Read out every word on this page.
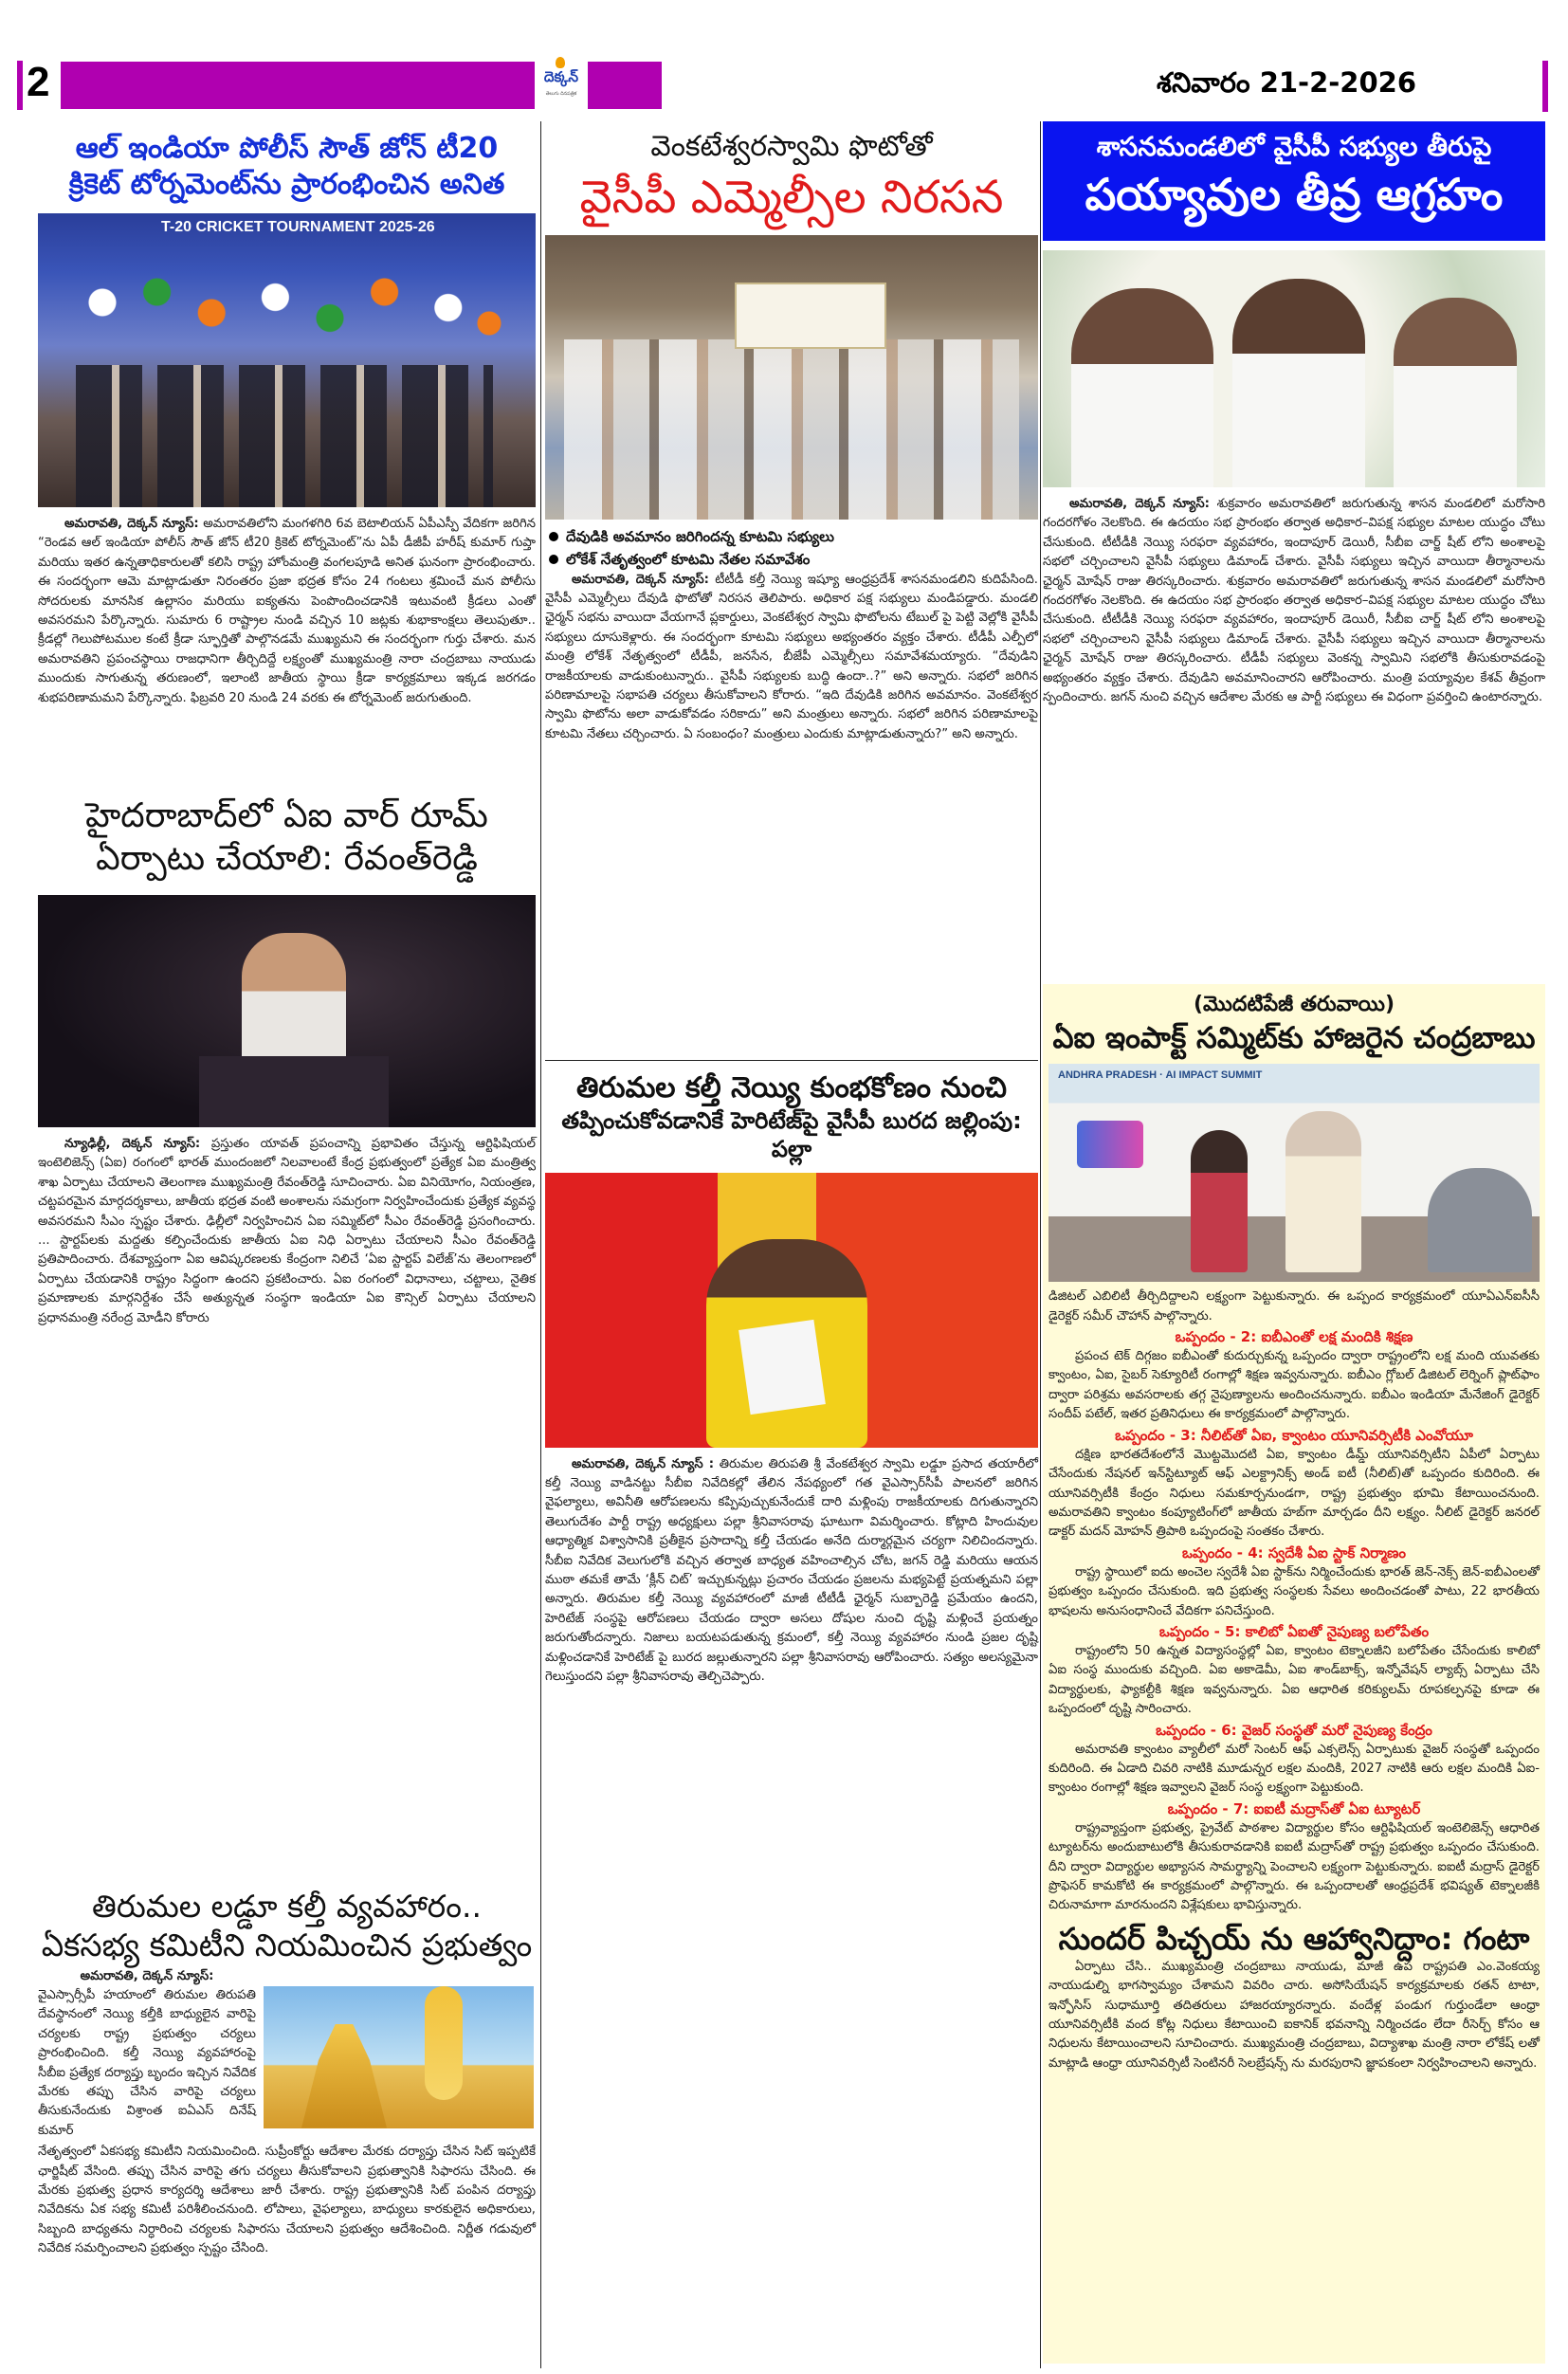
2	దెక్కన్
తెలుగు దినపత్రిక	శనివారం 21-2-2026
ఆల్ ఇండియా పోలీస్ సౌత్ జోన్ టీ20
క్రికెట్ టోర్నమెంట్‌ను ప్రారంభించిన అనిత
T-20 CRICKET TOURNAMENT 2025-26
అమరావతి, దెక్కన్ న్యూస్: అమరావతిలోని మంగళగిరి 6వ బెటాలియన్ ఏపీఎస్పీ వేదికగా జరిగిన “రెండవ ఆల్ ఇండియా పోలీస్ సౌత్ జోన్ టీ20 క్రికెట్ టోర్నమెంట్”ను ఏపీ డీజీపీ హరీష్ కుమార్ గుప్తా మరియు ఇతర ఉన్నతాధికారులతో కలిసి రాష్ట్ర హోంమంత్రి వంగలపూడి అనిత ఘనంగా ప్రారంభించారు. ఈ సందర్భంగా ఆమె మాట్లాడుతూ నిరంతరం ప్రజా భద్రత కోసం 24 గంటలు శ్రమించే మన పోలీసు సోదరులకు మానసిక ఉల్లాసం మరియు ఐక్యతను పెంపొందించడానికి ఇటువంటి క్రీడలు ఎంతో అవసరమని పేర్కొన్నారు. సుమారు 6 రాష్ట్రాల నుండి వచ్చిన 10 జట్లకు శుభాకాంక్షలు తెలుపుతూ.. క్రీడల్లో గెలుపోటముల కంటే క్రీడా స్ఫూర్తితో పాల్గొనడమే ముఖ్యమని ఈ సందర్భంగా గుర్తు చేశారు. మన అమరావతిని ప్రపంచస్థాయి రాజధానిగా తీర్చిదిద్దే లక్ష్యంతో ముఖ్యమంత్రి నారా చంద్రబాబు నాయుడు ముందుకు సాగుతున్న తరుణంలో, ఇలాంటి జాతీయ స్థాయి క్రీడా కార్యక్రమాలు ఇక్కడ జరగడం శుభపరిణామమని పేర్కొన్నారు. ఫిబ్రవరి 20 నుండి 24 వరకు ఈ టోర్నమెంట్ జరుగుతుంది.
హైదరాబాద్‌లో ఏఐ వార్ రూమ్
ఏర్పాటు చేయాలి: రేవంత్‌రెడ్డి
న్యూఢిల్లీ, దెక్కన్ న్యూస్: ప్రస్తుతం యావత్ ప్రపంచాన్ని ప్రభావితం చేస్తున్న ఆర్టిఫిషియల్ ఇంటెలిజెన్స్ (ఏఐ) రంగంలో భారత్ ముందంజలో నిలవాలంటే కేంద్ర ప్రభుత్వంలో ప్రత్యేక ఏఐ మంత్రిత్వ శాఖ ఏర్పాటు చేయాలని తెలంగాణ ముఖ్యమంత్రి రేవంత్‌రెడ్డి సూచించారు. ఏఐ వినియోగం, నియంత్రణ, చట్టపరమైన మార్గదర్శకాలు, జాతీయ భద్రత వంటి అంశాలను సమగ్రంగా నిర్వహించేందుకు ప్రత్యేక వ్యవస్థ అవసరమని సీఎం స్పష్టం చేశారు. ఢిల్లీలో నిర్వహించిన ఏఐ సమ్మిట్‌లో సీఎం రేవంత్‌రెడ్డి ప్రసంగించారు. ... స్టార్టప్‌లకు మద్దతు కల్పించేందుకు జాతీయ ఏఐ నిధి ఏర్పాటు చేయాలని సీఎం రేవంత్‌రెడ్డి ప్రతిపాదించారు. దేశవ్యాప్తంగా ఏఐ ఆవిష్కరణలకు కేంద్రంగా నిలిచే ‘ఏఐ స్టార్టప్ విలేజ్’ను తెలంగాణలో ఏర్పాటు చేయడానికి రాష్ట్రం సిద్ధంగా ఉందని ప్రకటించారు. ఏఐ రంగంలో విధానాలు, చట్టాలు, నైతిక ప్రమాణాలకు మార్గనిర్దేశం చేసే అత్యున్నత సంస్థగా ఇండియా ఏఐ కౌన్సిల్ ఏర్పాటు చేయాలని ప్రధానమంత్రి నరేంద్ర మోడీని కోరారు
తిరుమల లడ్డూ కల్తీ వ్యవహారం..
ఏకసభ్య కమిటీని నియమించిన ప్రభుత్వం
అమరావతి, దెక్కన్ న్యూస్:
వైఎస్సార్సీపీ హయాంలో తిరుమల తిరుపతి దేవస్థానంలో నెయ్యి కల్తీకి బాధ్యులైన వారిపై చర్యలకు రాష్ట్ర ప్రభుత్వం చర్యలు ప్రారంభించింది. కల్తీ నెయ్యి వ్యవహారంపై సీబీఐ ప్రత్యేక దర్యాప్తు బృందం ఇచ్చిన నివేదిక మేరకు తప్పు చేసిన వారిపై చర్యలు తీసుకునేందుకు విశ్రాంత ఐఏఎస్ దినేష్ కుమార్
నేతృత్వంలో ఏకసభ్య కమిటీని నియమించింది. సుప్రీంకోర్టు ఆదేశాల మేరకు దర్యాప్తు చేసిన సిట్ ఇప్పటికే ఛార్జిషీట్ వేసింది. తప్పు చేసిన వారిపై తగు చర్యలు తీసుకోవాలని ప్రభుత్వానికి సిఫారసు చేసింది. ఈ మేరకు ప్రభుత్వ ప్రధాన కార్యదర్శి ఆదేశాలు జారీ చేశారు. రాష్ట్ర ప్రభుత్వానికి సిట్ పంపిన దర్యాప్తు నివేదికను ఏక సభ్య కమిటీ పరిశీలించనుంది. లోపాలు, వైఫల్యాలు, బాధ్యులు కారకులైన అధికారులు, సిబ్బంది బాధ్యతను నిర్ధారించి చర్యలకు సిఫారసు చేయాలని ప్రభుత్వం ఆదేశించింది. నిర్ణీత గడువులో నివేదిక సమర్పించాలని ప్రభుత్వం స్పష్టం చేసింది.
వెంకటేశ్వరస్వామి ఫొటోతో
వైసీపీ ఎమ్మెల్సీల నిరసన
దేవుడికి అవమానం జరిగిందన్న కూటమి సభ్యులు
లోకేశ్ నేతృత్వంలో కూటమి నేతల సమావేశం
అమరావతి, దెక్కన్ న్యూస్: టీటీడీ కల్తీ నెయ్యి ఇష్యూ ఆంధ్రప్రదేశ్ శాసనమండలిని కుదిపేసింది. వైసీపీ ఎమ్మెల్సీలు దేవుడి ఫొటోతో నిరసన తెలిపారు. అధికార పక్ష సభ్యులు మండిపడ్డారు. మండలి ఛైర్మన్ సభను వాయిదా వేయగానే ప్లకార్డులు, వెంకటేశ్వర స్వామి ఫొటోలను టేబుల్ పై పెట్టి వెల్లోకి వైసీపీ సభ్యులు దూసుకెళ్లారు. ఈ సందర్భంగా కూటమి సభ్యులు అభ్యంతరం వ్యక్తం చేశారు. టీడీపీ ఎల్పీలో మంత్రి లోకేశ్ నేతృత్వంలో టీడీపీ, జనసేన, బీజేపీ ఎమ్మెల్సీలు సమావేశమయ్యారు. “దేవుడిని రాజకీయాలకు వాడుకుంటున్నారు.. వైసీపీ సభ్యులకు బుద్ధి ఉందా..?” అని అన్నారు. సభలో జరిగిన పరిణామాలపై సభాపతి చర్యలు తీసుకోవాలని కోరారు. “ఇది దేవుడికి జరిగిన అవమానం. వెంకటేశ్వర స్వామి ఫొటోను అలా వాడుకోవడం సరికాదు” అని మంత్రులు అన్నారు. సభలో జరిగిన పరిణామాలపై కూటమి నేతలు చర్చించారు. ఏ సంబంధం? మంత్రులు ఎందుకు మాట్లాడుతున్నారు?” అని అన్నారు.
తిరుమల కల్తీ నెయ్యి కుంభకోణం నుంచి
తప్పించుకోవడానికే హెరిటేజ్‌పై వైసీపీ బురద జల్లింపు: పల్లా
అమరావతి, దెక్కన్ న్యూస్ : తిరుమల తిరుపతి శ్రీ వేంకటేశ్వర స్వామి లడ్డూ ప్రసాద తయారీలో కల్తీ నెయ్యి వాడినట్టు సీబీఐ నివేదికల్లో తేలిన నేపథ్యంలో గత వైఎస్సార్‌సీపీ పాలనలో జరిగిన వైఫల్యాలు, అవినీతి ఆరోపణలను కప్పిపుచ్చుకునేందుకే దారి మళ్లింపు రాజకీయాలకు దిగుతున్నారని తెలుగుదేశం పార్టీ రాష్ట్ర అధ్యక్షులు పల్లా శ్రీనివాసరావు ఘాటుగా విమర్శించారు. కోట్లాది హిందువుల ఆధ్యాత్మిక విశ్వాసానికి ప్రతీకైన ప్రసాదాన్ని కల్తీ చేయడం అనేది దుర్మార్గమైన చర్యగా నిలిచిందన్నారు. సీబీఐ నివేదిక వెలుగులోకి వచ్చిన తర్వాత బాధ్యత వహించాల్సిన చోట, జగన్ రెడ్డి మరియు ఆయన ముఠా తమకే తామే ‘క్లీన్ చిట్’ ఇచ్చుకున్నట్లు ప్రచారం చేయడం ప్రజలను మభ్యపెట్టే ప్రయత్నమని పల్లా అన్నారు. తిరుమల కల్తీ నెయ్యి వ్యవహారంలో మాజీ టీటీడీ ఛైర్మన్ సుబ్బారెడ్డి ప్రమేయం ఉందని, హెరిటేజ్ సంస్థపై ఆరోపణలు చేయడం ద్వారా అసలు దోషుల నుంచి దృష్టి మళ్లించే ప్రయత్నం జరుగుతోందన్నారు. నిజాలు బయటపడుతున్న క్రమంలో, కల్తీ నెయ్యి వ్యవహారం నుండి ప్రజల దృష్టి మళ్లించడానికే హెరిటేజ్ పై బురద జల్లుతున్నారని పల్లా శ్రీనివాసరావు ఆరోపించారు. సత్యం అలస్యమైనా గెలుస్తుందని పల్లా శ్రీనివాసరావు తెల్చిచెప్పారు.
శాసనమండలిలో వైసీపీ సభ్యుల తీరుపై
పయ్యావుల తీవ్ర ఆగ్రహం
అమరావతి, దెక్కన్ న్యూస్: శుక్రవారం అమరావతిలో జరుగుతున్న శాసన మండలిలో మరోసారి గందరగోళం నెలకొంది. ఈ ఉదయం సభ ప్రారంభం తర్వాత అధికార–విపక్ష సభ్యుల మాటల యుద్ధం చోటు చేసుకుంది. టీటీడీకి నెయ్యి సరఫరా వ్యవహారం, ఇందాపూర్ డెయిరీ, సీబీఐ చార్జ్ షీట్ లోని అంశాలపై సభలో చర్చించాలని వైసీపీ సభ్యులు డిమాండ్ చేశారు. వైసీపీ సభ్యులు ఇచ్చిన వాయిదా తీర్మానాలను ఛైర్మన్ మోషేన్ రాజు తిరస్కరించారు. శుక్రవారం అమరావతిలో జరుగుతున్న శాసన మండలిలో మరోసారి గందరగోళం నెలకొంది. ఈ ఉదయం సభ ప్రారంభం తర్వాత అధికార–విపక్ష సభ్యుల మాటల యుద్ధం చోటు చేసుకుంది. టీటీడీకి నెయ్యి సరఫరా వ్యవహారం, ఇందాపూర్ డెయిరీ, సీబీఐ చార్జ్ షీట్ లోని అంశాలపై సభలో చర్చించాలని వైసీపీ సభ్యులు డిమాండ్ చేశారు. వైసీపీ సభ్యులు ఇచ్చిన వాయిదా తీర్మానాలను ఛైర్మన్ మోషేన్ రాజు తిరస్కరించారు. టీడీపీ సభ్యులు వెంకన్న స్వామిని సభలోకి తీసుకురావడంపై అభ్యంతరం వ్యక్తం చేశారు. దేవుడిని అవమానించారని ఆరోపించారు. మంత్రి పయ్యావుల కేశవ్ తీవ్రంగా స్పందించారు. జగన్ నుంచి వచ్చిన ఆదేశాల మేరకు ఆ పార్టీ సభ్యులు ఈ విధంగా ప్రవర్తించి ఉంటారన్నారు.
(మొదటిపేజీ తరువాయి)
ఏఐ ఇంపాక్ట్ సమ్మిట్‌కు హాజరైన చంద్రబాబు
ANDHRA PRADESH · AI IMPACT SUMMIT
డిజిటల్ ఎబిలిటీ తీర్చిదిద్దాలని లక్ష్యంగా పెట్టుకున్నారు. ఈ ఒప్పంద కార్యక్రమంలో యూఏఎన్‌ఐసీసీ డైరెక్టర్ సమీర్ చౌహాన్ పాల్గొన్నారు.
ఒప్పందం - 2: ఐబీఎంతో లక్ష మందికి శిక్షణ
ప్రపంచ టెక్ దిగ్గజం ఐబీఎంతో కుదుర్చుకున్న ఒప్పందం ద్వారా రాష్ట్రంలోని లక్ష మంది యువతకు క్వాంటం, ఏఐ, సైబర్ సెక్యూరిటీ రంగాల్లో శిక్షణ ఇవ్వనున్నారు. ఐబీఎం గ్లోబల్ డిజిటల్ లెర్నింగ్ ప్లాట్‌ఫాం ద్వారా పరిశ్రమ అవసరాలకు తగ్గ నైపుణ్యాలను అందించనున్నారు. ఐబీఎం ఇండియా మేనేజింగ్ డైరెక్టర్ సందీప్ పటేల్, ఇతర ప్రతినిధులు ఈ కార్యక్రమంలో పాల్గొన్నారు.
ఒప్పందం - 3: నీలిట్‌తో ఏఐ, క్వాంటం యూనివర్సిటీకి ఎంవోయూ
దక్షిణ భారతదేశంలోనే మొట్టమొదటి ఏఐ, క్వాంటం డీమ్డ్ యూనివర్సిటీని ఏపీలో ఏర్పాటు చేసేందుకు నేషనల్ ఇన్‌స్టిట్యూట్ ఆఫ్ ఎలక్ట్రానిక్స్ అండ్ ఐటీ (నీలిట్)తో ఒప్పందం కుదిరింది. ఈ యూనివర్సిటీకి కేంద్రం నిధులు సమకూర్చనుండగా, రాష్ట్ర ప్రభుత్వం భూమి కేటాయించనుంది. అమరావతిని క్వాంటం కంప్యూటింగ్‌లో జాతీయ హబ్‌గా మార్చడం దీని లక్ష్యం. నీలిట్ డైరెక్టర్ జనరల్ డాక్టర్ మదన్ మోహన్ త్రిపాఠి ఒప్పందంపై సంతకం చేశారు.
ఒప్పందం - 4: స్వదేశీ ఏఐ స్టాక్ నిర్మాణం
రాష్ట్ర స్థాయిలో ఐదు అంచెల స్వదేశీ ఏఐ స్టాక్‌ను నిర్మించేందుకు భారత్ జెన్-నెక్స్ జెన్-ఐబీఎంలతో ప్రభుత్వం ఒప్పందం చేసుకుంది. ఇది ప్రభుత్వ సంస్థలకు సేవలు అందించడంతో పాటు, 22 భారతీయ భాషలను అనుసంధానించే వేదికగా పనిచేస్తుంది.
ఒప్పందం - 5: కాలిబో ఏఐతో నైపుణ్య బలోపేతం
రాష్ట్రంలోని 50 ఉన్నత విద్యాసంస్థల్లో ఏఐ, క్వాంటం టెక్నాలజీని బలోపేతం చేసేందుకు కాలిబో ఏఐ సంస్థ ముందుకు వచ్చింది. ఏఐ అకాడెమీ, ఏఐ శాండ్‌బాక్స్, ఇన్నోవేషన్ ల్యాబ్స్ ఏర్పాటు చేసి విద్యార్థులకు, ఫ్యాకల్టీకి శిక్షణ ఇవ్వనున్నారు. ఏఐ ఆధారిత కరిక్యులమ్ రూపకల్పనపై కూడా ఈ ఒప్పందంలో దృష్టి సారించారు.
ఒప్పందం - 6: వైజర్ సంస్థతో మరో నైపుణ్య కేంద్రం
అమరావతి క్వాంటం వ్యాలీలో మరో సెంటర్ ఆఫ్ ఎక్సలెన్స్ ఏర్పాటుకు వైజర్ సంస్థతో ఒప్పందం కుదిరింది. ఈ ఏడాది చివరి నాటికి మూడున్నర లక్షల మందికి, 2027 నాటికి ఆరు లక్షల మందికి ఏఐ-క్వాంటం రంగాల్లో శిక్షణ ఇవ్వాలని వైజర్ సంస్థ లక్ష్యంగా పెట్టుకుంది.
ఒప్పందం - 7: ఐఐటీ మద్రాస్‌తో ఏఐ ట్యూటర్
రాష్ట్రవ్యాప్తంగా ప్రభుత్వ, ప్రైవేట్ పాఠశాల విద్యార్థుల కోసం ఆర్టిఫిషియల్ ఇంటెలిజెన్స్ ఆధారిత ట్యూటర్‌ను అందుబాటులోకి తీసుకురావడానికి ఐఐటీ మద్రాస్‌తో రాష్ట్ర ప్రభుత్వం ఒప్పందం చేసుకుంది. దీని ద్వారా విద్యార్థుల అభ్యాసన సామర్థ్యాన్ని పెంచాలని లక్ష్యంగా పెట్టుకున్నారు. ఐఐటీ మద్రాస్ డైరెక్టర్ ప్రొఫెసర్ కామకోటి ఈ కార్యక్రమంలో పాల్గొన్నారు. ఈ ఒప్పందాలతో ఆంధ్రప్రదేశ్ భవిష్యత్ టెక్నాలజీకి చిరునామాగా మారనుందని విశ్లేషకులు భావిస్తున్నారు.
సుందర్ పిచ్చయ్ ను ఆహ్వానిద్దాం: గంటా
ఏర్పాటు చేసి.. ముఖ్యమంత్రి చంద్రబాబు నాయుడు, మాజీ ఉప రాష్ట్రపతి ఎం.వెంకయ్య నాయుడుల్ని భాగస్వామ్యం చేశామని వివరిం చారు. అసోసియేషన్ కార్యక్రమాలకు రతన్ టాటా, ఇన్ఫోసిస్ సుధామూర్తి తదితరులు హాజరయ్యారన్నారు. వందేళ్ల పండుగ గుర్తుండేలా ఆంధ్రా యూనివర్సిటీకి వంద కోట్ల నిధులు కేటాయించి ఐకానిక్ భవనాన్ని నిర్మించడం లేదా రీసెర్చ్ కోసం ఆ నిధులను కేటాయించాలని సూచించారు. ముఖ్యమంత్రి చంద్రబాబు, విద్యాశాఖ మంత్రి నారా లోకేష్ లతో మాట్లాడి ఆంధ్రా యూనివర్సిటీ సెంటినరీ సెలబ్రేషన్స్ ను మరపురాని జ్ఞాపకంలా నిర్వహించాలని అన్నారు.
